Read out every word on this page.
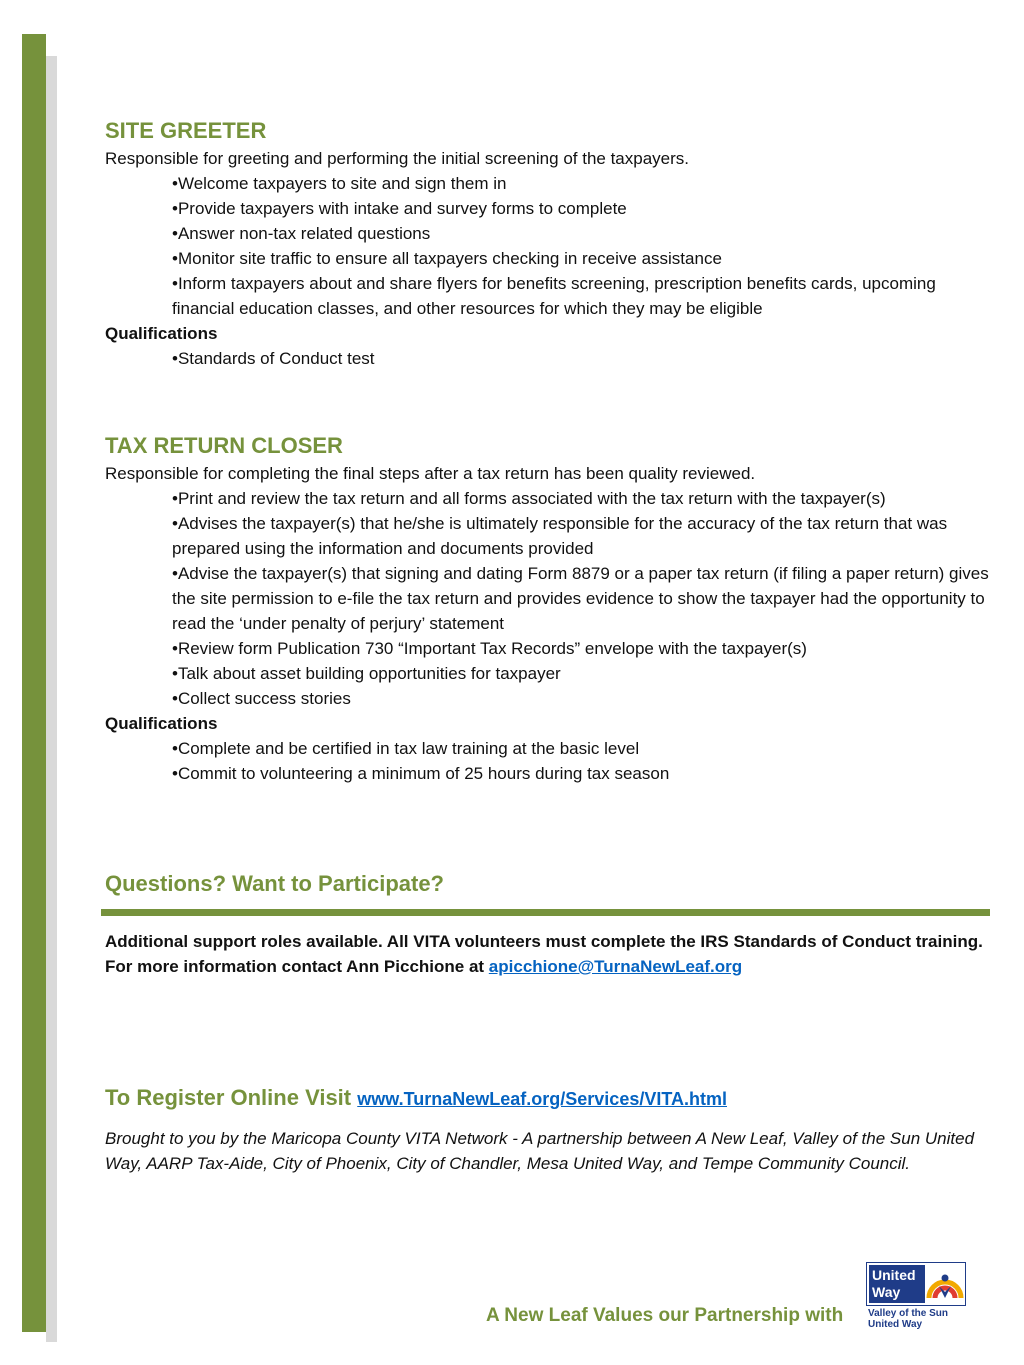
SITE GREETER

Responsible for greeting and performing the initial screening of the taxpayers.

•Welcome taxpayers to site and sign them in
•Provide taxpayers with intake and survey forms to complete
•Answer non-tax related questions
•Monitor site traffic to ensure all taxpayers checking in receive assistance
•Inform taxpayers about and share flyers for benefits screening, prescription benefits cards, upcoming financial education classes, and other resources for which they may be eligible

Qualifications

•Standards of Conduct test
TAX RETURN CLOSER

Responsible for completing the final steps after a tax return has been quality reviewed.

•Print and review the tax return and all forms associated with the tax return with the taxpayer(s)
•Advises the taxpayer(s) that he/she is ultimately responsible for the accuracy of the tax return that was prepared using the information and documents provided
•Advise the taxpayer(s) that signing and dating Form 8879 or a paper tax return (if filing a paper return) gives the site permission to e-file the tax return and provides evidence to show the taxpayer had the opportunity to read the ‘under penalty of perjury’ statement
•Review form Publication 730 “Important Tax Records” envelope with the taxpayer(s)
•Talk about asset building opportunities for taxpayer
•Collect success stories

Qualifications

•Complete and be certified in tax law training at the basic level
•Commit to volunteering a minimum of 25 hours during tax season
Questions? Want to Participate?

Additional support roles available. All VITA volunteers must complete the IRS Standards of Conduct training. For more information contact Ann Picchione at apicchione@TurnaNewLeaf.org

To Register Online Visit www.TurnaNewLeaf.org/Services/VITA.html

Brought to you by the Maricopa County VITA Network - A partnership between A New Leaf, Valley of the Sun United Way, AARP Tax-Aide, City of Phoenix, City of Chandler, Mesa United Way, and Tempe Community Council.

A New Leaf Values our Partnership with
United Way
Valley of the Sun United Way
